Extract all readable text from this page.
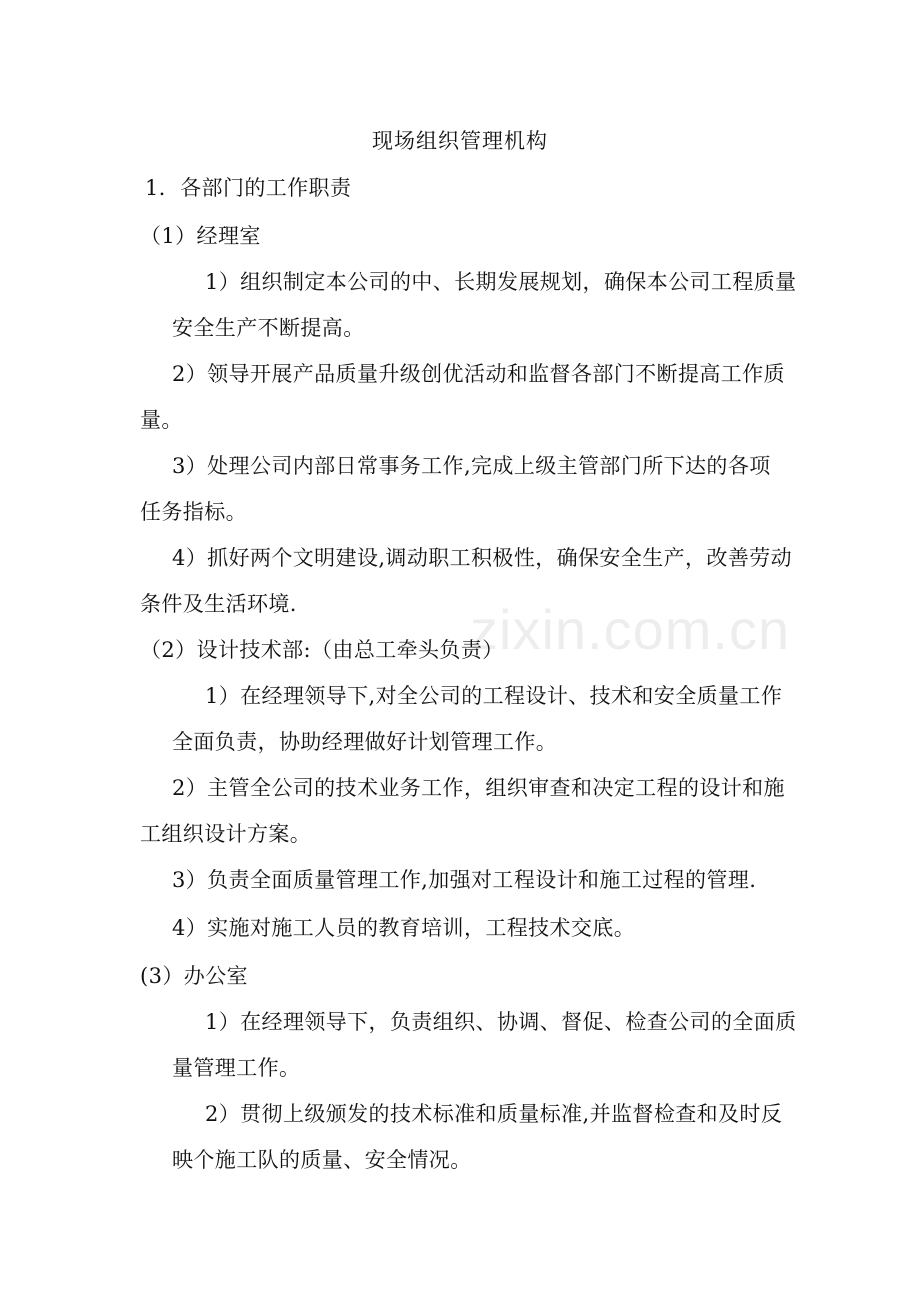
zixin.com.cn
现场组织管理机构
1．各部门的工作职责
（1）经理室
1）组织制定本公司的中、长期发展规划，确保本公司工程质量
安全生产不断提高。
2）领导开展产品质量升级创优活动和监督各部门不断提高工作质
量。
3）处理公司内部日常事务工作,完成上级主管部门所下达的各项
任务指标。
4）抓好两个文明建设,调动职工积极性，确保安全生产，改善劳动
条件及生活环境.
（2）设计技术部:（由总工牵头负责）
1）在经理领导下,对全公司的工程设计、技术和安全质量工作
全面负责，协助经理做好计划管理工作。
2）主管全公司的技术业务工作，组织审查和决定工程的设计和施
工组织设计方案。
3）负责全面质量管理工作,加强对工程设计和施工过程的管理.
4）实施对施工人员的教育培训，工程技术交底。
(3）办公室
1）在经理领导下，负责组织、协调、督促、检查公司的全面质
量管理工作。
2）贯彻上级颁发的技术标准和质量标准,并监督检查和及时反
映个施工队的质量、安全情况。
